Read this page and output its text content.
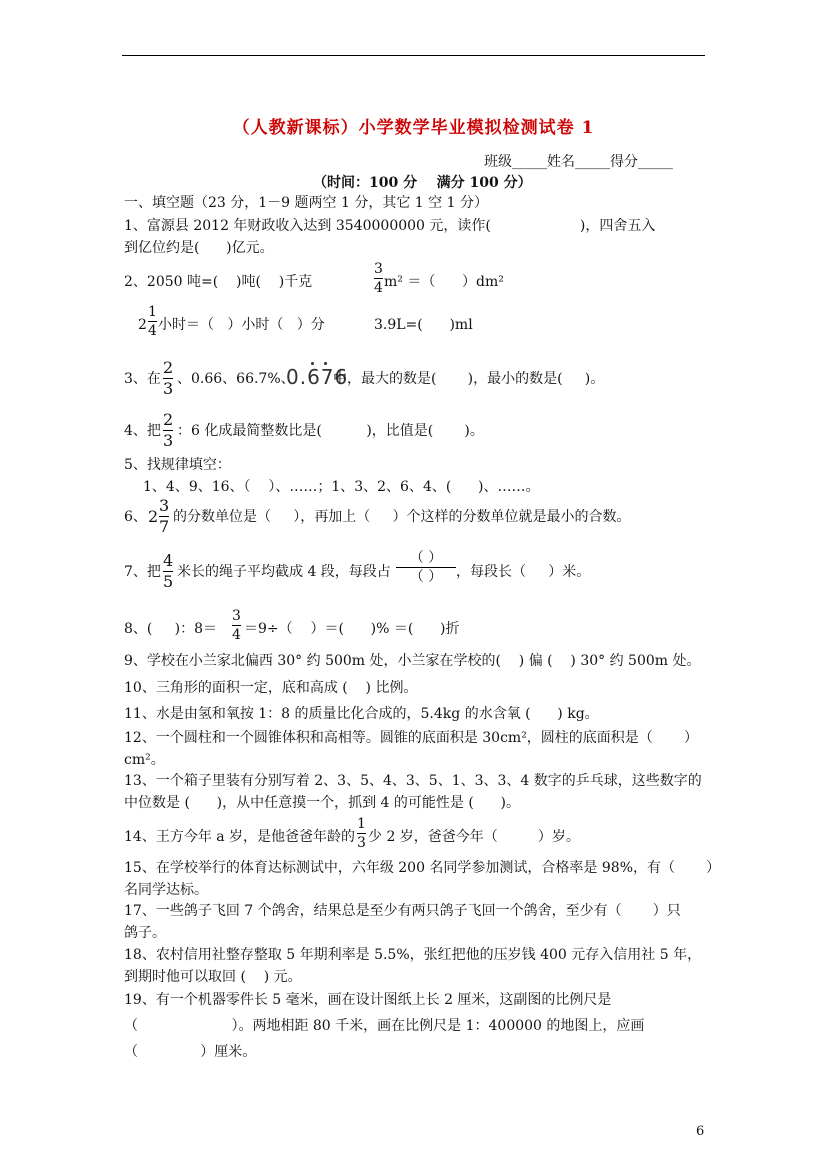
（人教新课标）小学数学毕业模拟检测试卷 1
班级_____姓名_____得分_____
（时间：100 分    满分 100 分）
一、填空题（23 分，1－9 题两空 1 分，其它 1 空 1 分）
1、富源县 2012 年财政收入达到 3540000000 元，读作(                    )，四舍五入
到亿位约是(      )亿元。
2、2050 吨=(    )吨(    )千克
3
4 m² ＝（      ）dm²
2
1
4 小时＝（   ）小时（   ）分	3.9L=(      )ml
3、在
2
3 、0.66、66.7%、
0.676
中，最大的数是(       )，最小的数是(     )。
4、把
2
3 ：6 化成最简整数比是(          )，比值是(       )。
5、找规律填空：
1、4、9、16、（    ）、……；1、3、2、6、4、(      )、……。
6、 2
3
7 的分数单位是（     ），再加上（     ）个这样的分数单位就是最小的合数。
7、把
4
5 米长的绳子平均截成 4 段，每段占
（ ）
（ ） ，每段长（     ）米。
8、(     )：8＝
3
4 ＝9÷（    ）＝(      )% ＝(      )折
9、学校在小兰家北偏西 30° 约 500m 处，小兰家在学校的(    ) 偏 (    ) 30° 约 500m 处。
10、三角形的面积一定，底和高成 (    ) 比例。
11、水是由氢和氧按 1：8 的质量比化合成的，5.4kg 的水含氧 (      ) kg。
12、一个圆柱和一个圆锥体积和高相等。圆锥的底面积是 30cm²，圆柱的底面积是（       ）
cm²。
13、一个箱子里装有分别写着 2、3、5、4、3、5、1、3、3、4 数字的乒乓球，这些数字的
中位数是 (      )，从中任意摸一个，抓到 4 的可能性是 (      )。
14、王方今年 a 岁，是他爸爸年龄的
1
3 少 2 岁，爸爸今年（         ）岁。
15、在学校举行的体育达标测试中，六年级 200 名同学参加测试，合格率是 98%，有（       ）
名同学达标。
17、一些鸽子飞回 7 个鸽舍，结果总是至少有两只鸽子飞回一个鸽舍，至少有（       ）只
鸽子。
18、农村信用社整存整取 5 年期利率是 5.5%，张红把他的压岁钱 400 元存入信用社 5 年，
到期时他可以取回 (    ) 元。
19、有一个机器零件长 5 毫米，画在设计图纸上长 2 厘米，这副图的比例尺是
（                     ）。两地相距 80 千米，画在比例尺是 1：400000 的地图上，应画
（              ）厘米。
6
